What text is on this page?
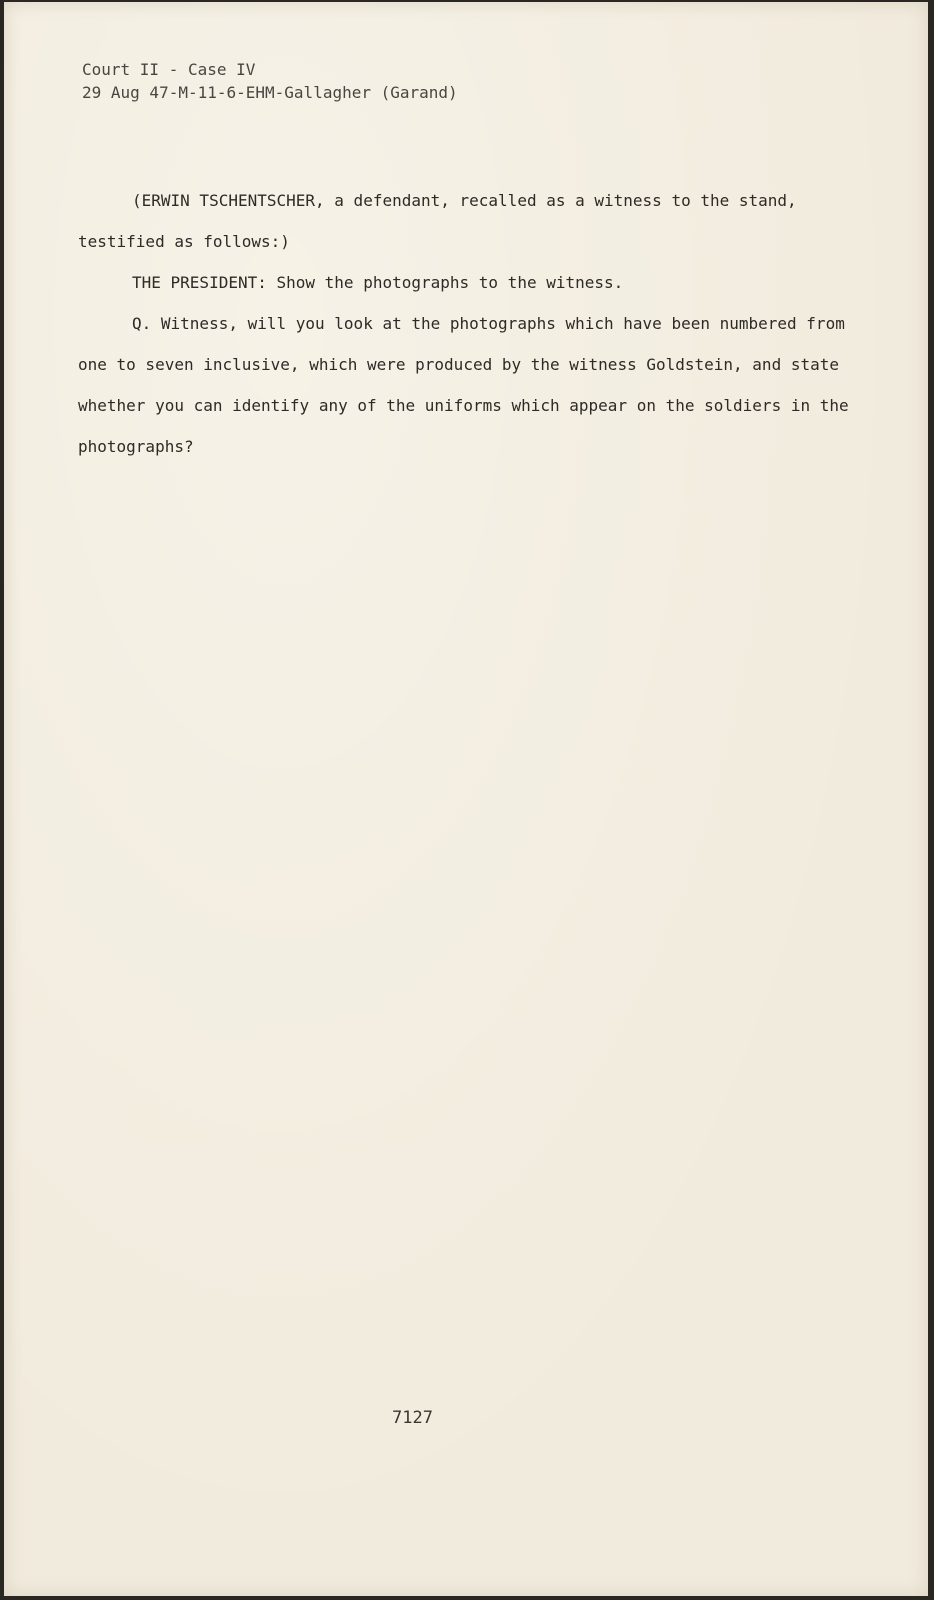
Court II - Case IV
29 Aug 47-M-11-6-EHM-Gallagher (Garand)

(ERWIN TSCHENTSCHER, a defendant, recalled as a witness to the stand, testified as follows:)

THE PRESIDENT: Show the photographs to the witness.

Q. Witness, will you look at the photographs which have been numbered from one to seven inclusive, which were produced by the witness Goldstein, and state whether you can identify any of the uniforms which appear on the soldiers in the photographs?

7127
